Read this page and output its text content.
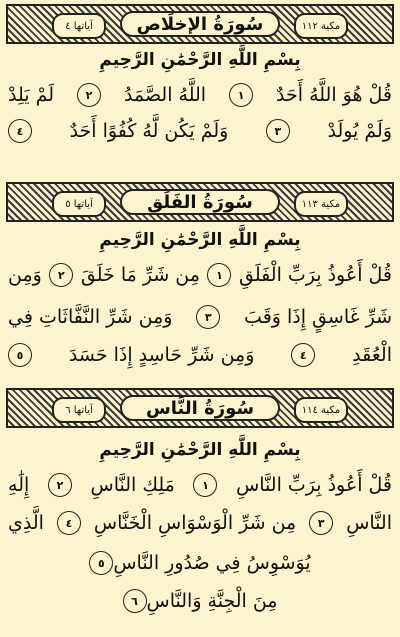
آياتها ٤	سُورَةُ الإخلَاص	مكية ١١٢
بِسْمِ اللَّهِ الرَّحْمَٰنِ الرَّحِيمِ
قُلْ هُوَ اللَّهُ أَحَدٌ
١
اللَّهُ الصَّمَدُ
٢
لَمْ يَلِدْ
وَلَمْ يُولَدْ
٣
وَلَمْ يَكُن لَّهُ كُفُوًا أَحَدٌ
٤
آياتها ٥	سُورَةُ الفَلَق	مكية ١١٣
بِسْمِ اللَّهِ الرَّحْمَٰنِ الرَّحِيمِ
قُلْ أَعُوذُ بِرَبِّ الْفَلَقِ
١
مِن شَرِّ مَا خَلَقَ
٢
وَمِن
شَرِّ غَاسِقٍ إِذَا وَقَبَ
٣
وَمِن شَرِّ النَّفَّاثَاتِ فِي
الْعُقَدِ
٤
وَمِن شَرِّ حَاسِدٍ إِذَا حَسَدَ
٥
آياتها ٦	سُورَةُ النَّاس	مكية ١١٤
بِسْمِ اللَّهِ الرَّحْمَٰنِ الرَّحِيمِ
قُلْ أَعُوذُ بِرَبِّ النَّاسِ
١
مَلِكِ النَّاسِ
٢
إِلَٰهِ
النَّاسِ
٣
مِن شَرِّ الْوَسْوَاسِ الْخَنَّاسِ
٤
الَّذِي
يُوَسْوِسُ فِي صُدُورِ النَّاسِ
٥
مِنَ الْجِنَّةِ وَالنَّاسِ
٦
